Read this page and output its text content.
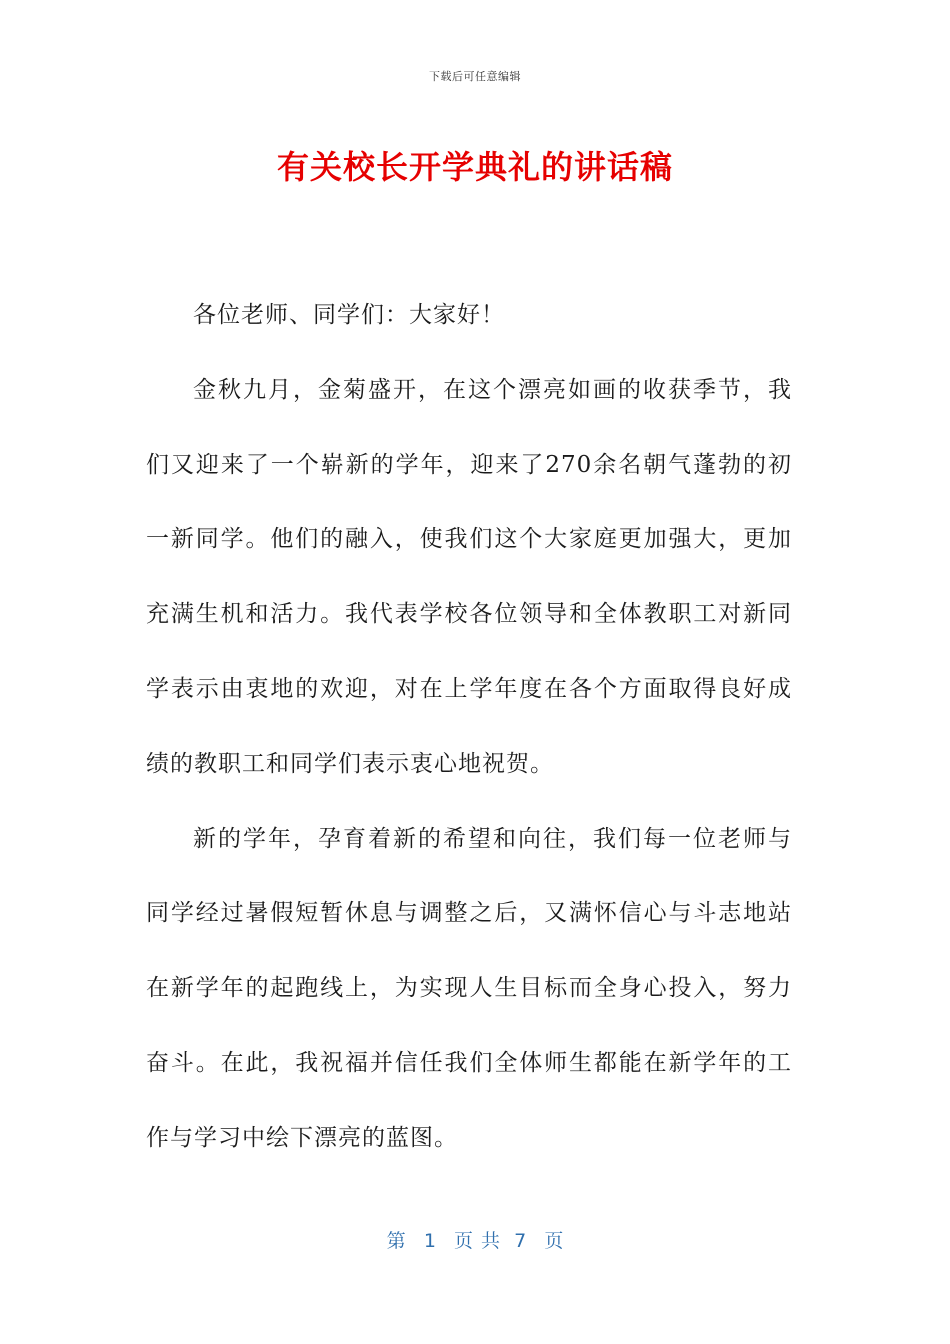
下载后可任意编辑
有关校长开学典礼的讲话稿

各位老师、同学们：大家好！

金秋九月，金菊盛开，在这个漂亮如画的收获季节，我们又迎来了一个崭新的学年，迎来了270余名朝气蓬勃的初一新同学。他们的融入，使我们这个大家庭更加强大，更加充满生机和活力。我代表学校各位领导和全体教职工对新同学表示由衷地的欢迎，对在上学年度在各个方面取得良好成绩的教职工和同学们表示衷心地祝贺。

新的学年，孕育着新的希望和向往，我们每一位老师与同学经过暑假短暂休息与调整之后，又满怀信心与斗志地站在新学年的起跑线上，为实现人生目标而全身心投入，努力奋斗。在此，我祝福并信任我们全体师生都能在新学年的工作与学习中绘下漂亮的蓝图。

第 1 页共 7 页
